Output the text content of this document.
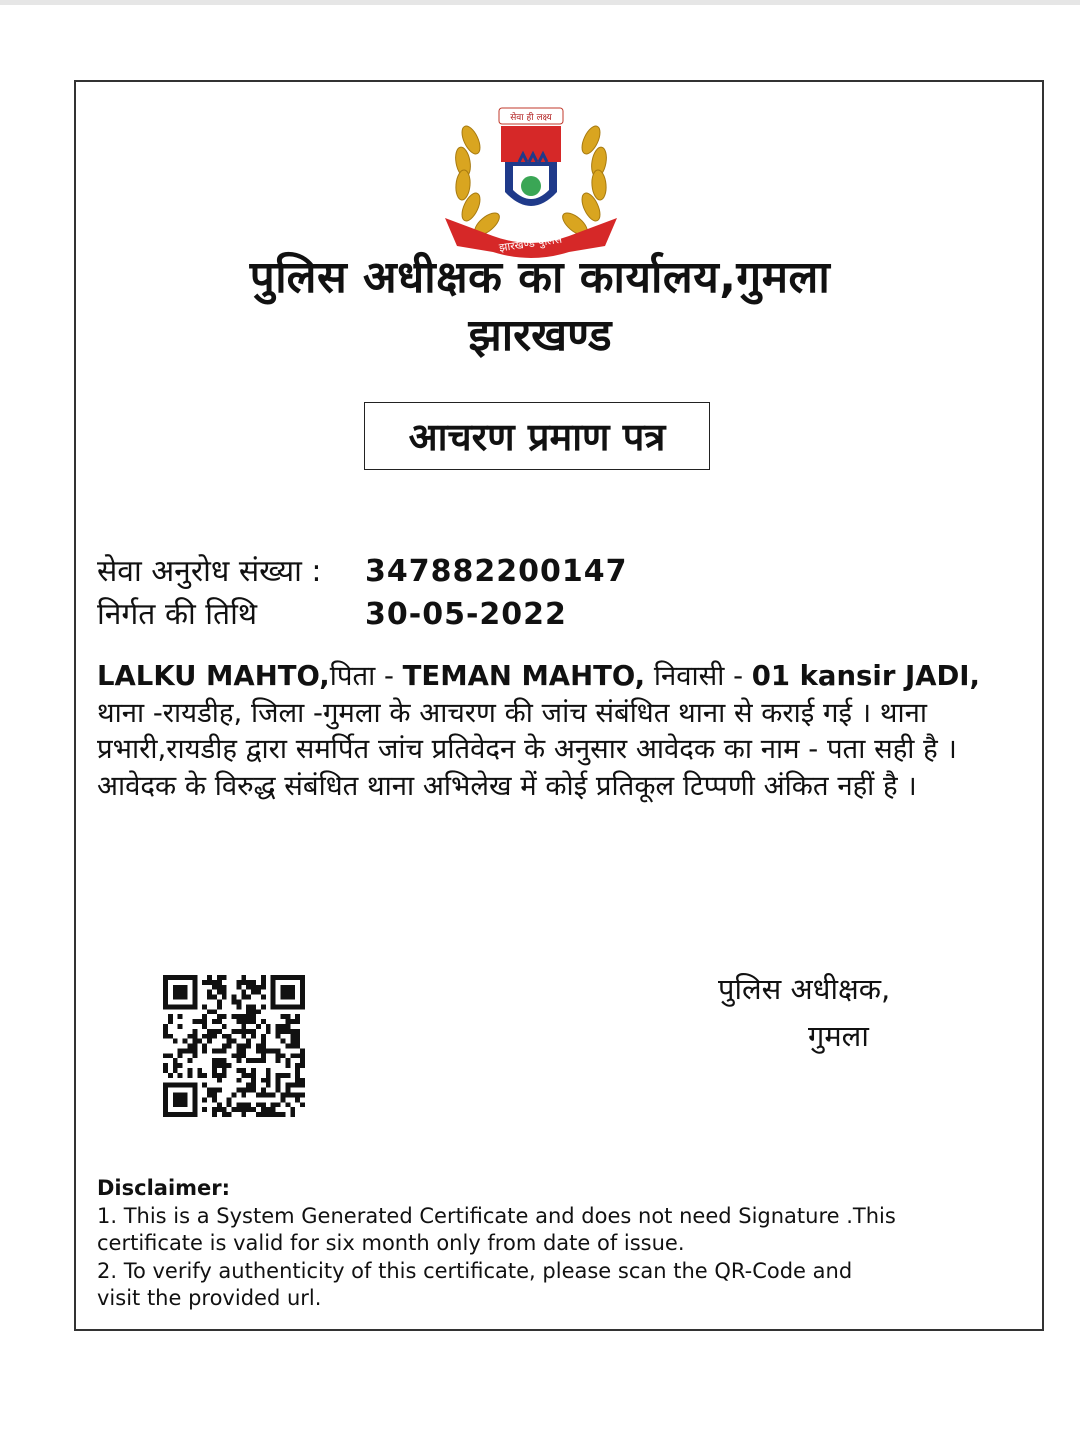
सेवा ही लक्ष्य
झारखण्ड पुलिस
पुलिस अधीक्षक का कार्यालय,गुमला
झारखण्ड
आचरण प्रमाण पत्र
सेवा अनुरोध संख्या : 347882200147
निर्गत की तिथि	30-05-2022
LALKU MAHTO,पिता - TEMAN MAHTO, निवासी - 01 kansir JADI, थाना -रायडीह, जिला -गुमला के आचरण की जांच संबंधित थाना से कराई गई । थाना प्रभारी,रायडीह द्वारा समर्पित जांच प्रतिवेदन के अनुसार आवेदक का नाम - पता सही है । आवेदक के विरुद्ध संबंधित थाना अभिलेख में कोई प्रतिकूल टिप्पणी अंकित नहीं है ।
पुलिस अधीक्षक,
गुमला
Disclaimer:
1. This is a System Generated Certificate and does not need Signature .This
certificate is valid for six month only from date of issue.
2. To verify authenticity of this certificate, please scan the QR-Code and
visit the provided url.
